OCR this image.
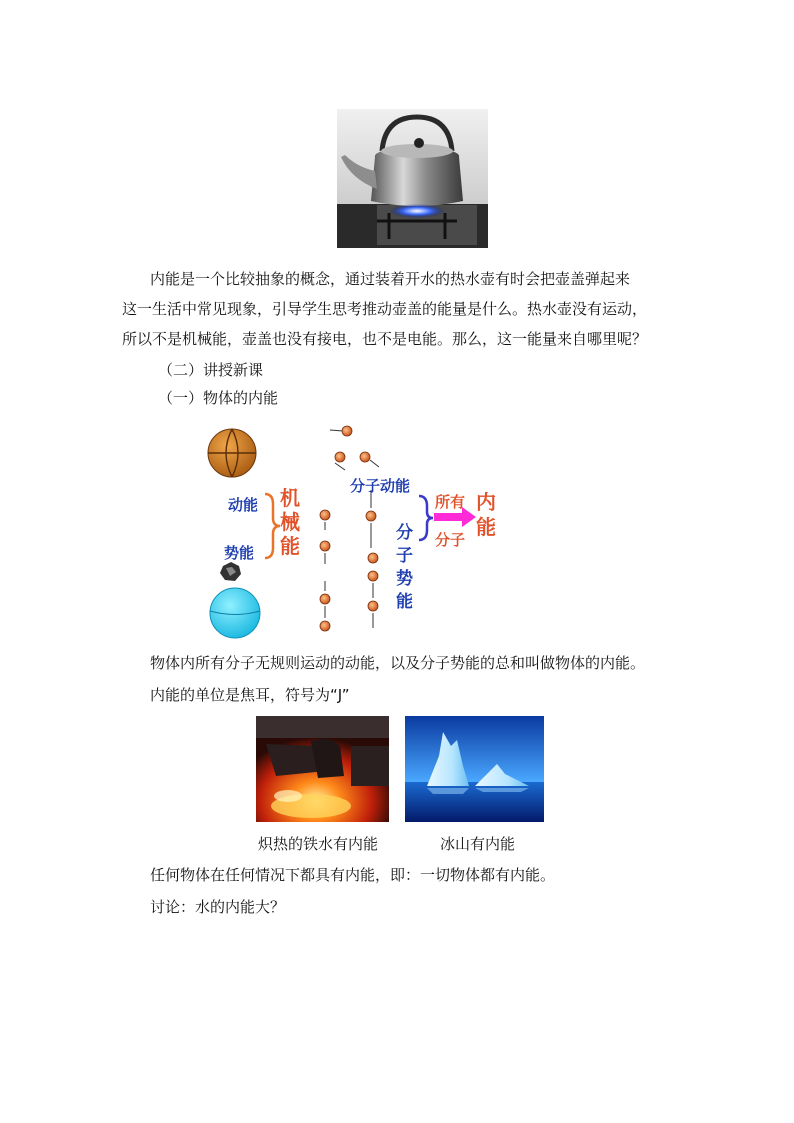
内能是一个比较抽象的概念，通过装着开水的热水壶有时会把壶盖弹起来
这一生活中常见现象，引导学生思考推动壶盖的能量是什么。热水壶没有运动，
所以不是机械能，壶盖也没有接电，也不是电能。那么，这一能量来自哪里呢？
（二）讲授新课
（一）物体的内能
动能
势能
机械能
分子动能
所有
分子
分子势能
内能
物体内所有分子无规则运动的动能，以及分子势能的总和叫做物体的内能。
内能的单位是焦耳，符号为“J”
炽热的铁水有内能	冰山有内能
任何物体在任何情况下都具有内能，即：一切物体都有内能。
讨论：水的内能大？
